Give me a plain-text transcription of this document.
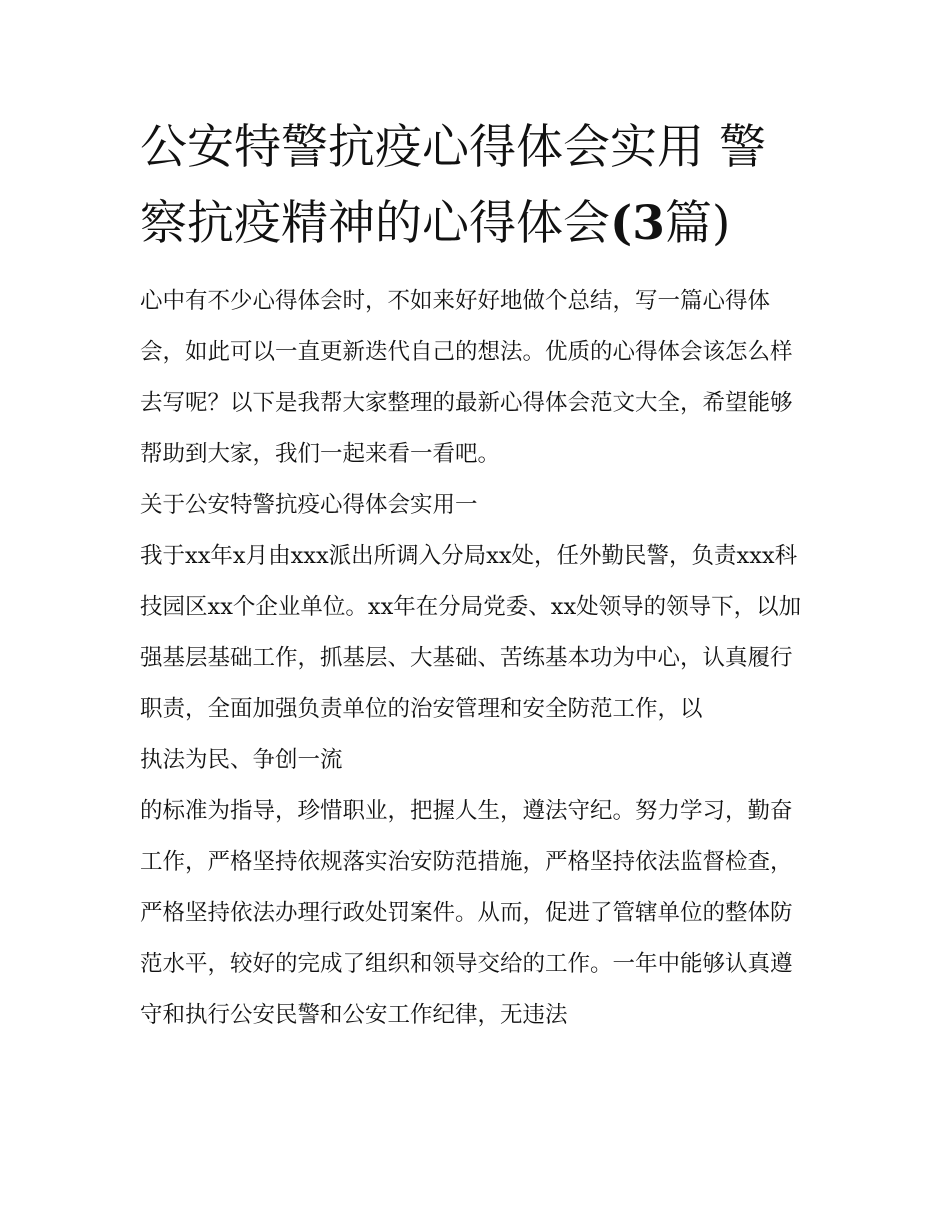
公安特警抗疫心得体会实用 警察抗疫精神的心得体会(3篇)

心中有不少心得体会时，不如来好好地做个总结，写一篇心得体会，如此可以一直更新迭代自己的想法。优质的心得体会该怎么样去写呢？以下是我帮大家整理的最新心得体会范文大全，希望能够帮助到大家，我们一起来看一看吧。

关于公安特警抗疫心得体会实用一

我于xx年x月由xxx派出所调入分局xx处，任外勤民警，负责xxx科技园区xx个企业单位。xx年在分局党委、xx处领导的领导下，以加强基层基础工作，抓基层、大基础、苦练基本功为中心，认真履行职责，全面加强负责单位的治安管理和安全防范工作，以

执法为民、争创一流

的标准为指导，珍惜职业，把握人生，遵法守纪。努力学习，勤奋工作，严格坚持依规落实治安防范措施，严格坚持依法监督检查，严格坚持依法办理行政处罚案件。从而，促进了管辖单位的整体防范水平，较好的完成了组织和领导交给的工作。一年中能够认真遵守和执行公安民警和公安工作纪律，无违法
